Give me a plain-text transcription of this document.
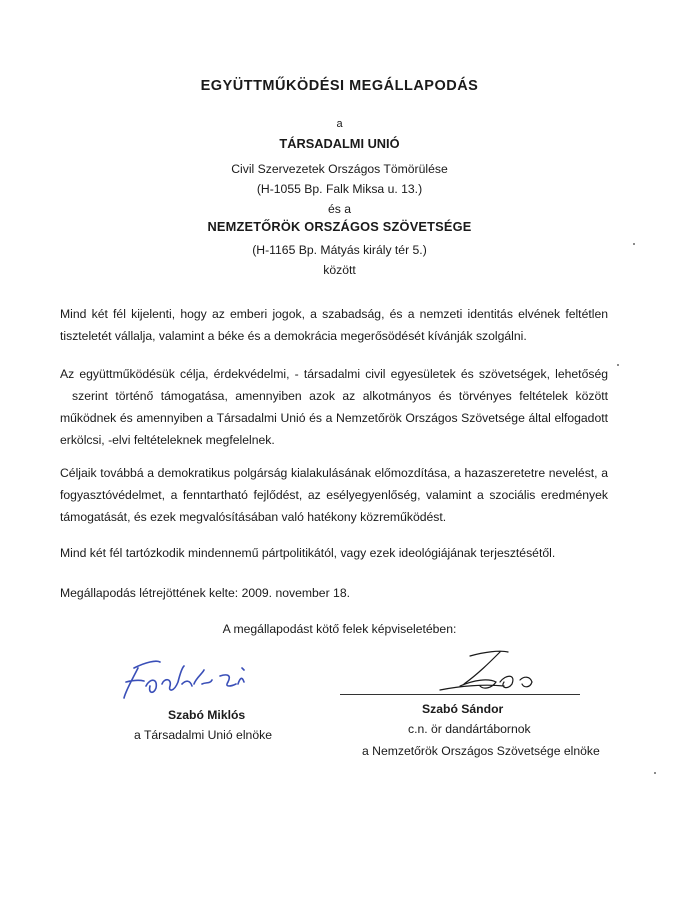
EGYÜTTMŰKÖDÉSI MEGÁLLAPODÁS
a
TÁRSADALMI UNIÓ
Civil Szervezetek Országos Tömörülése
(H-1055 Bp. Falk Miksa u. 13.)
és a
NEMZETŐRÖK ORSZÁGOS SZÖVETSÉGE
(H-1165 Bp. Mátyás király tér 5.)
között
Mind két fél kijelenti, hogy az emberi jogok, a szabadság, és a nemzeti identitás elvének feltétlen
tiszteletét vállalja, valamint a béke és a demokrácia megerősödését kívánják szolgálni.
Az együttműködésük célja, érdekvédelmi, - társadalmi civil egyesületek és szövetségek, lehetőség
szerint történő támogatása, amennyiben azok az alkotmányos és törvényes feltételek között
működnek és amennyiben a Társadalmi Unió és a Nemzetőrök Országos Szövetsége által elfogadott
erkölcsi, -elvi feltételeknek megfelelnek.
Céljaik továbbá a demokratikus polgárság kialakulásának előmozdítása, a hazaszeretetre nevelést, a
fogyasztóvédelmet, a fenntartható fejlődést, az esélyegyenlőség, valamint a szociális eredmények
támogatását, és ezek megvalósításában való hatékony közreműködést.
Mind két fél tartózkodik mindennemű pártpolitikától, vagy ezek ideológiájának terjesztésétől.
Megállapodás létrejöttének kelte: 2009. november 18.
A megállapodást kötő felek képviseletében:
Szabó Miklós
a Társadalmi Unió elnöke
Szabó Sándor
c.n. ör dandártábornok
a Nemzetőrök Országos Szövetsége elnöke
